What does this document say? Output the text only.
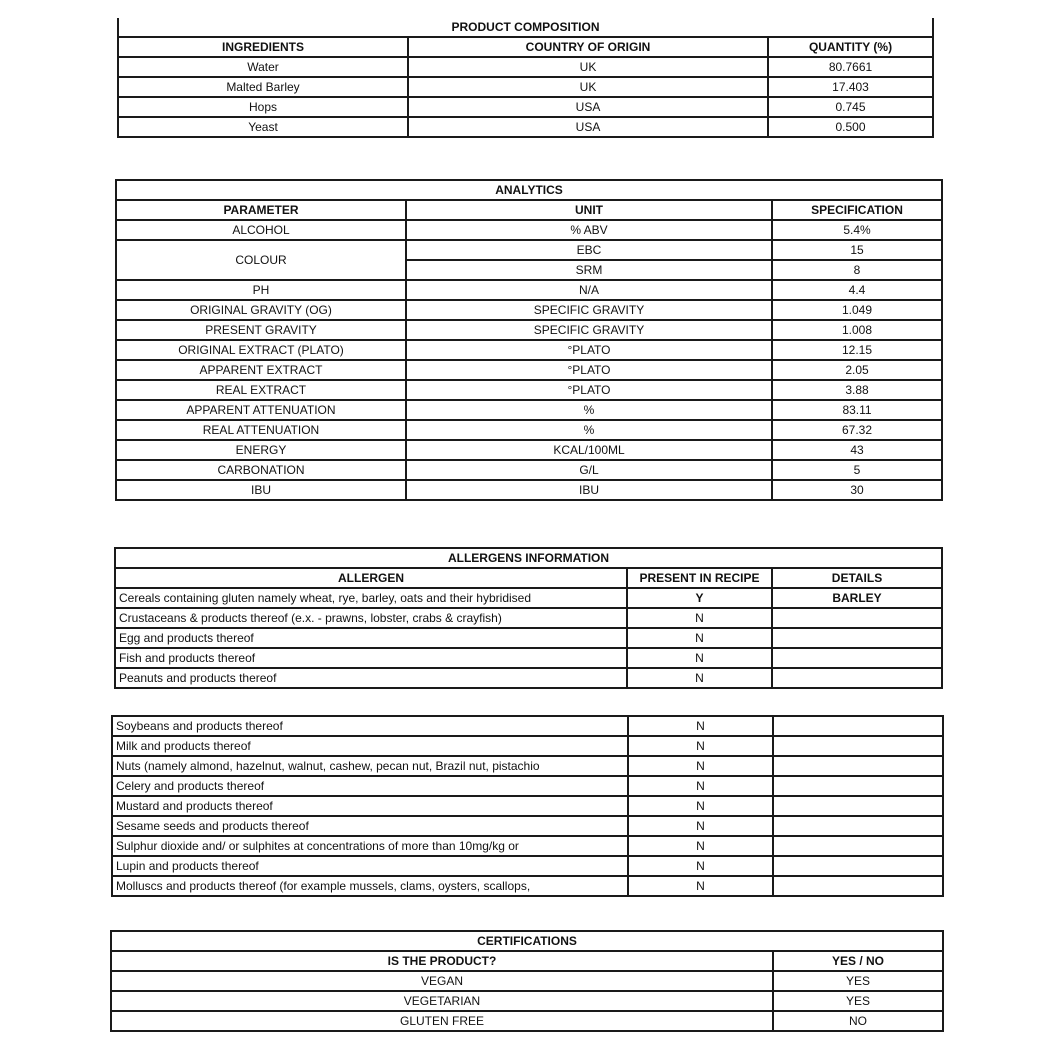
PRODUCT COMPOSITION		
INGREDIENTS	COUNTRY OF ORIGIN	QUANTITY (%)
Water	UK	80.7661
Malted Barley	UK	17.403
Hops	USA	0.745
Yeast	USA	0.500
ANALYTICS		
PARAMETER	UNIT	SPECIFICATION
ALCOHOL	% ABV	5.4%
COLOUR	EBC	15
	SRM	8
PH	N/A	4.4
ORIGINAL GRAVITY (OG)	SPECIFIC GRAVITY	1.049
PRESENT GRAVITY	SPECIFIC GRAVITY	1.008
ORIGINAL EXTRACT (PLATO)	°PLATO	12.15
APPARENT EXTRACT	°PLATO	2.05
REAL EXTRACT	°PLATO	3.88
APPARENT ATTENUATION	%	83.11
REAL ATTENUATION	%	67.32
ENERGY	KCAL/100ML	43
CARBONATION	G/L	5
IBU	IBU	30
ALLERGENS INFORMATION		
ALLERGEN	PRESENT IN RECIPE	DETAILS
Cereals containing gluten namely wheat, rye, barley, oats and their hybridised	Y	BARLEY
Crustaceans & products thereof (e.x. - prawns, lobster, crabs & crayfish)	N	
Egg and products thereof	N	
Fish and products thereof	N	
Peanuts and products thereof	N	
Soybeans and products thereof	N	
Milk and products thereof	N	
Nuts (namely almond, hazelnut, walnut, cashew, pecan nut, Brazil nut, pistachio	N	
Celery and products thereof	N	
Mustard and products thereof	N	
Sesame seeds and products thereof	N	
Sulphur dioxide and/ or sulphites at concentrations of more than 10mg/kg or	N	
Lupin and products thereof	N	
Molluscs and products thereof (for example mussels, clams, oysters, scallops,	N	
CERTIFICATIONS	
IS THE PRODUCT?	YES / NO
VEGAN	YES
VEGETARIAN	YES
GLUTEN FREE	NO
